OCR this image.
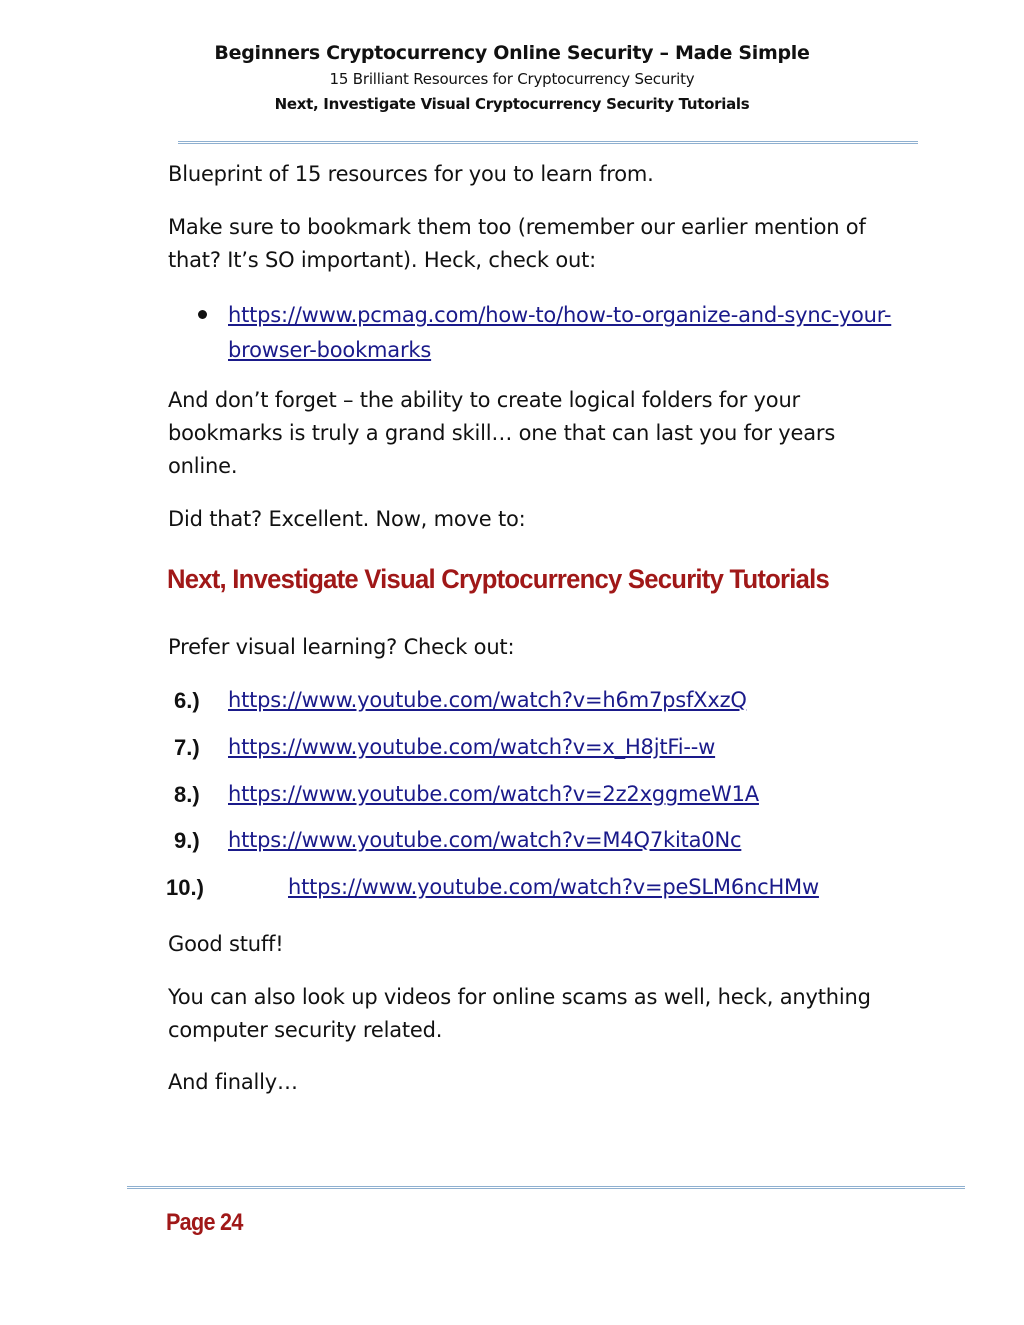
Beginners Cryptocurrency Online Security – Made Simple
15 Brilliant Resources for Cryptocurrency Security
Next, Investigate Visual Cryptocurrency Security Tutorials

Blueprint of 15 resources for you to learn from.

Make sure to bookmark them too (remember our earlier mention of that? It’s SO important). Heck, check out:

https://www.pcmag.com/how-to/how-to-organize-and-sync-your-browser-bookmarks

And don’t forget – the ability to create logical folders for your bookmarks is truly a grand skill… one that can last you for years online.

Did that? Excellent. Now, move to:

Next, Investigate Visual Cryptocurrency Security Tutorials

Prefer visual learning? Check out:

6.) https://www.youtube.com/watch?v=h6m7psfXxzQ
7.) https://www.youtube.com/watch?v=x_H8jtFi--w
8.) https://www.youtube.com/watch?v=2z2xggmeW1A
9.) https://www.youtube.com/watch?v=M4Q7kita0Nc
10.)	https://www.youtube.com/watch?v=peSLM6ncHMw

Good stuff!

You can also look up videos for online scams as well, heck, anything computer security related.

And finally…

Page 24
